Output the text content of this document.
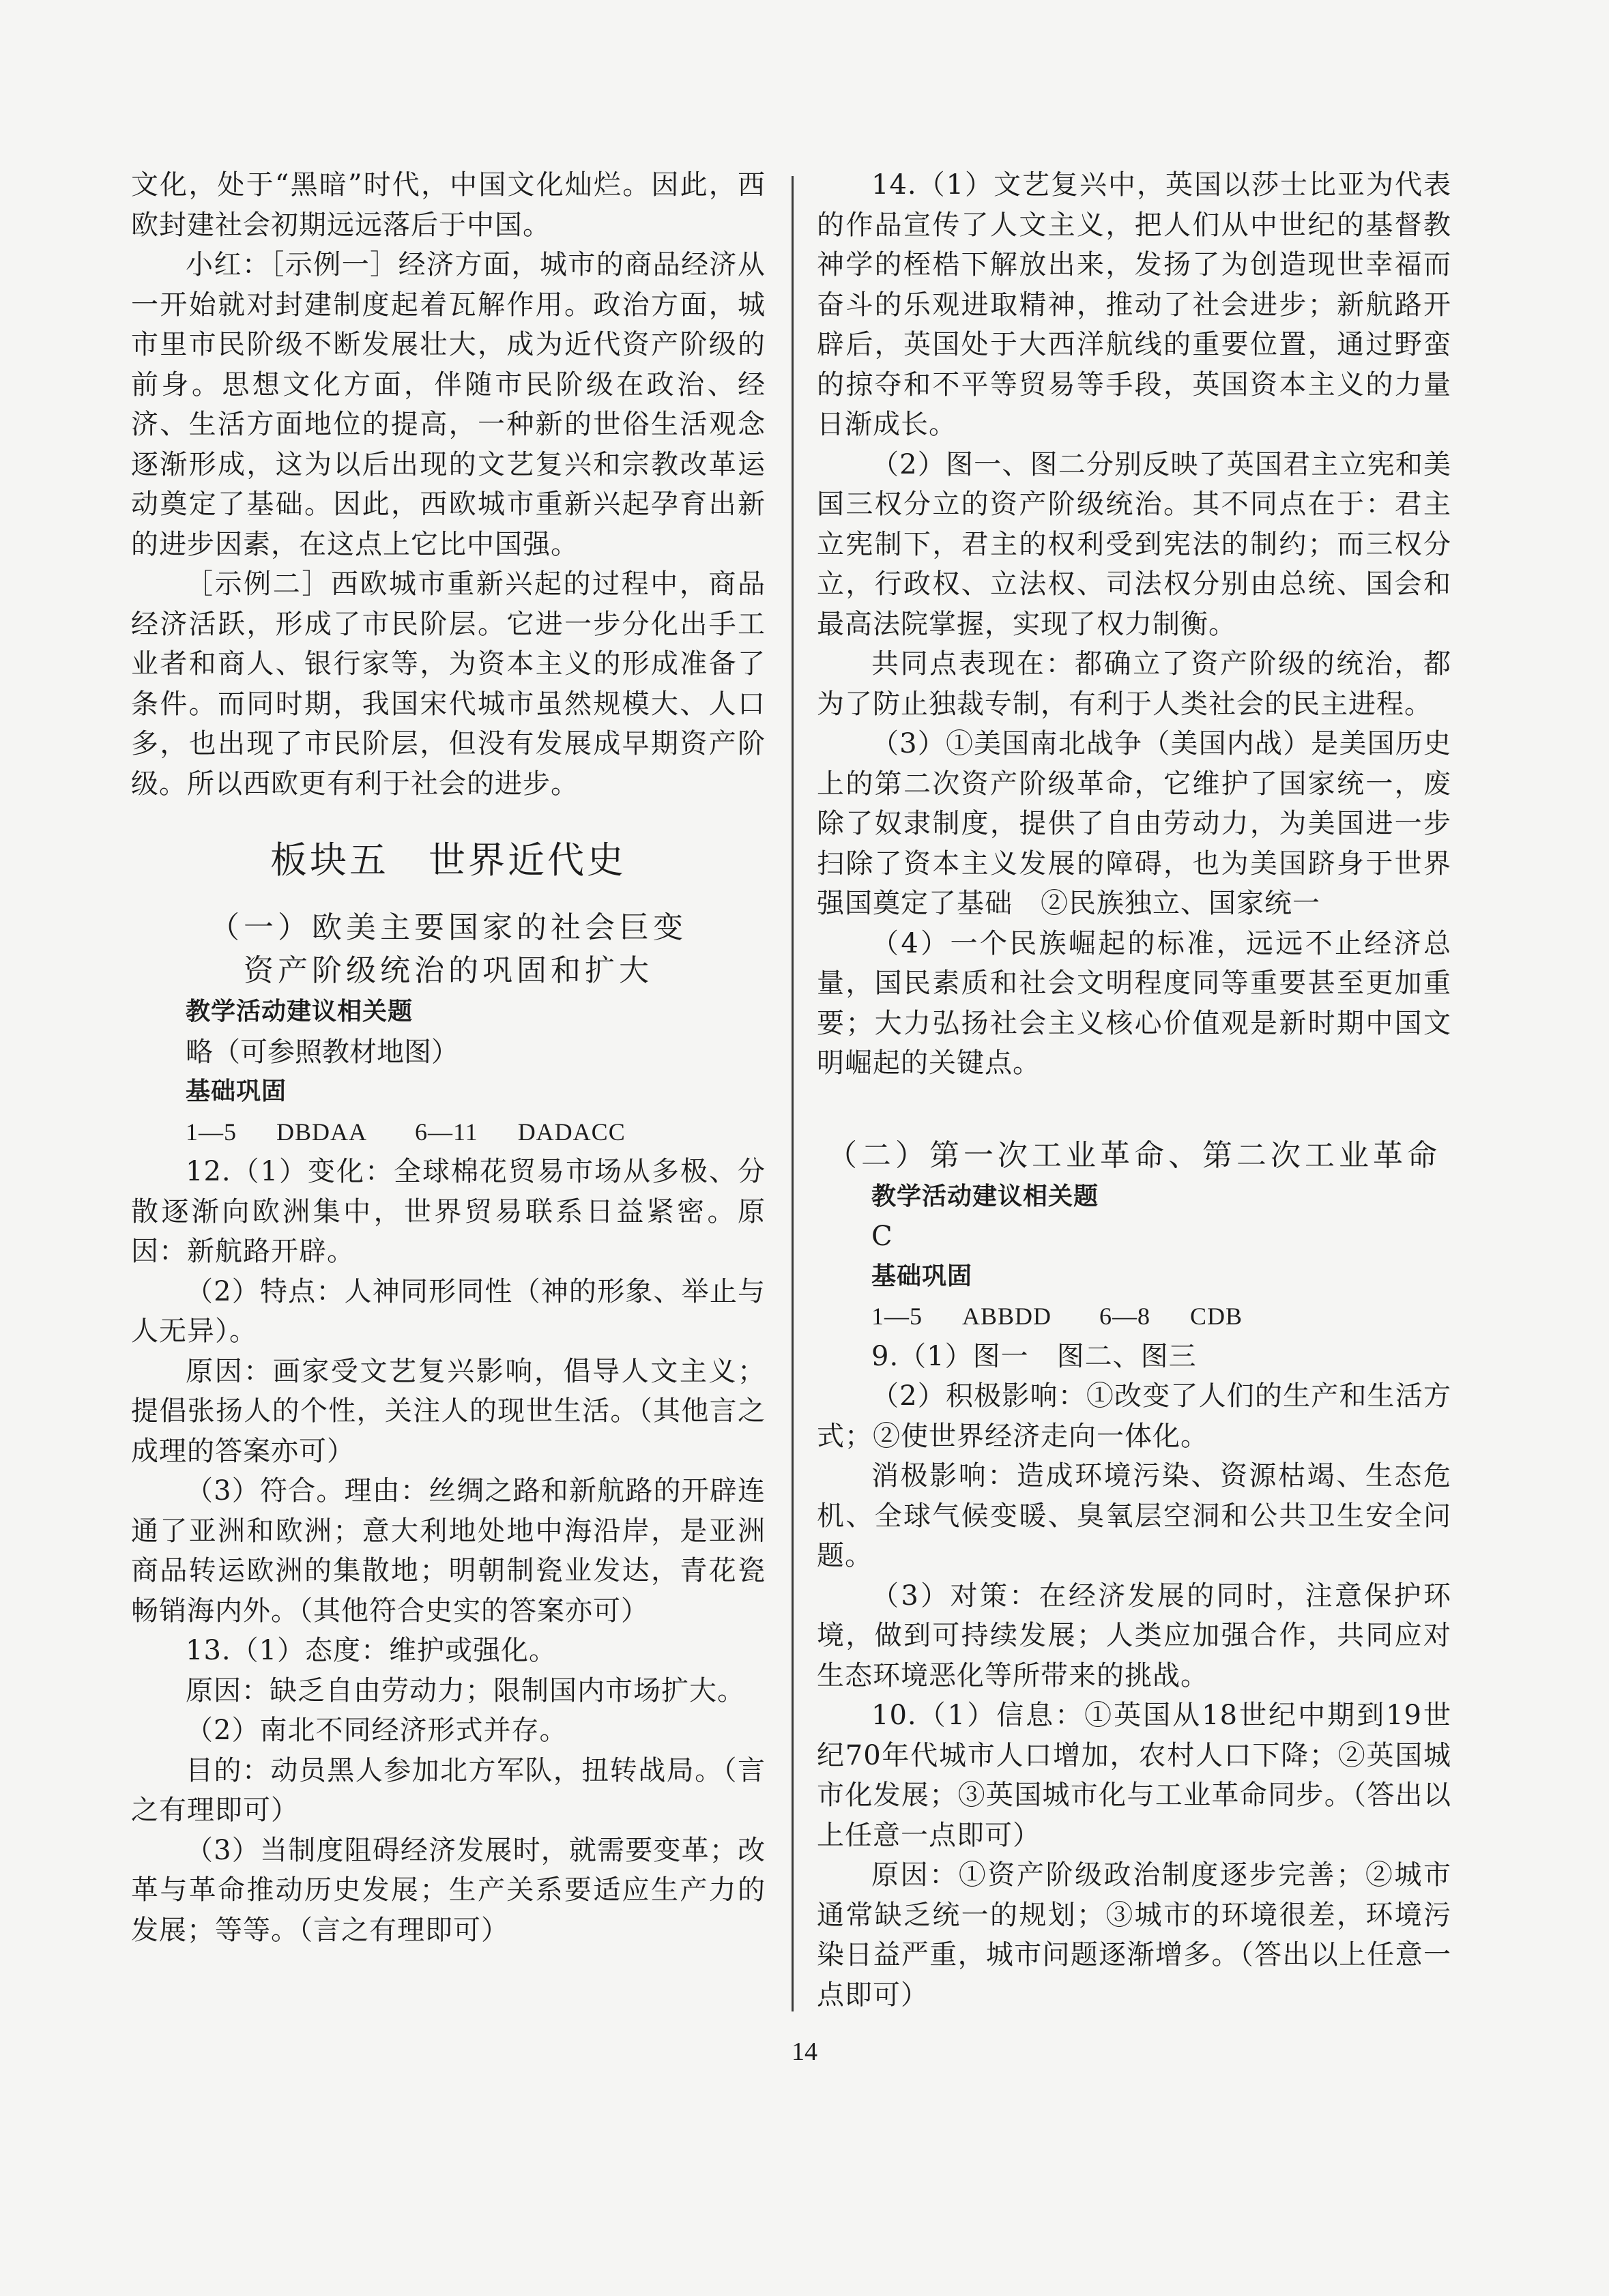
文化，处于“黑暗”时代，中国文化灿烂。因此，西欧封建社会初期远远落后于中国。

小红：［示例一］经济方面，城市的商品经济从一开始就对封建制度起着瓦解作用。政治方面，城市里市民阶级不断发展壮大，成为近代资产阶级的前身。思想文化方面，伴随市民阶级在政治、经济、生活方面地位的提高，一种新的世俗生活观念逐渐形成，这为以后出现的文艺复兴和宗教改革运动奠定了基础。因此，西欧城市重新兴起孕育出新的进步因素，在这点上它比中国强。

［示例二］西欧城市重新兴起的过程中，商品经济活跃，形成了市民阶层。它进一步分化出手工业者和商人、银行家等，为资本主义的形成准备了条件。而同时期，我国宋代城市虽然规模大、人口多，也出现了市民阶层，但没有发展成早期资产阶级。所以西欧更有利于社会的进步。

板块五　世界近代史
（一）欧美主要国家的社会巨变
资产阶级统治的巩固和扩大
教学活动建议相关题
略（可参照教材地图）
基础巩固
1—5 DBDAA 6—11 DADACC

12.（1）变化：全球棉花贸易市场从多极、分散逐渐向欧洲集中，世界贸易联系日益紧密。原因：新航路开辟。

（2）特点：人神同形同性（神的形象、举止与人无异）。

原因：画家受文艺复兴影响，倡导人文主义；提倡张扬人的个性，关注人的现世生活。（其他言之成理的答案亦可）

（3）符合。理由：丝绸之路和新航路的开辟连通了亚洲和欧洲；意大利地处地中海沿岸，是亚洲商品转运欧洲的集散地；明朝制瓷业发达，青花瓷畅销海内外。（其他符合史实的答案亦可）

13.（1）态度：维护或强化。

原因：缺乏自由劳动力；限制国内市场扩大。

（2）南北不同经济形式并存。

目的：动员黑人参加北方军队，扭转战局。（言之有理即可）

（3）当制度阻碍经济发展时，就需要变革；改革与革命推动历史发展；生产关系要适应生产力的发展；等等。（言之有理即可）

14.（1）文艺复兴中，英国以莎士比亚为代表的作品宣传了人文主义，把人们从中世纪的基督教神学的桎梏下解放出来，发扬了为创造现世幸福而奋斗的乐观进取精神，推动了社会进步；新航路开辟后，英国处于大西洋航线的重要位置，通过野蛮的掠夺和不平等贸易等手段，英国资本主义的力量日渐成长。

（2）图一、图二分别反映了英国君主立宪和美国三权分立的资产阶级统治。其不同点在于：君主立宪制下，君主的权利受到宪法的制约；而三权分立，行政权、立法权、司法权分别由总统、国会和最高法院掌握，实现了权力制衡。

共同点表现在：都确立了资产阶级的统治，都为了防止独裁专制，有利于人类社会的民主进程。

（3）①美国南北战争（美国内战）是美国历史上的第二次资产阶级革命，它维护了国家统一，废除了奴隶制度，提供了自由劳动力，为美国进一步扫除了资本主义发展的障碍，也为美国跻身于世界强国奠定了基础　②民族独立、国家统一

（4）一个民族崛起的标准，远远不止经济总量，国民素质和社会文明程度同等重要甚至更加重要；大力弘扬社会主义核心价值观是新时期中国文明崛起的关键点。

（二）第一次工业革命、第二次工业革命
教学活动建议相关题
C
基础巩固
1—5 ABBDD 6—8 CDB

9.（1）图一　图二、图三

（2）积极影响：①改变了人们的生产和生活方式；②使世界经济走向一体化。

消极影响：造成环境污染、资源枯竭、生态危机、全球气候变暖、臭氧层空洞和公共卫生安全问题。

（3）对策：在经济发展的同时，注意保护环境，做到可持续发展；人类应加强合作，共同应对生态环境恶化等所带来的挑战。

10.（1）信息：①英国从18世纪中期到19世纪70年代城市人口增加，农村人口下降；②英国城市化发展；③英国城市化与工业革命同步。（答出以上任意一点即可）

原因：①资产阶级政治制度逐步完善；②城市通常缺乏统一的规划；③城市的环境很差，环境污染日益严重，城市问题逐渐增多。（答出以上任意一点即可）

14
